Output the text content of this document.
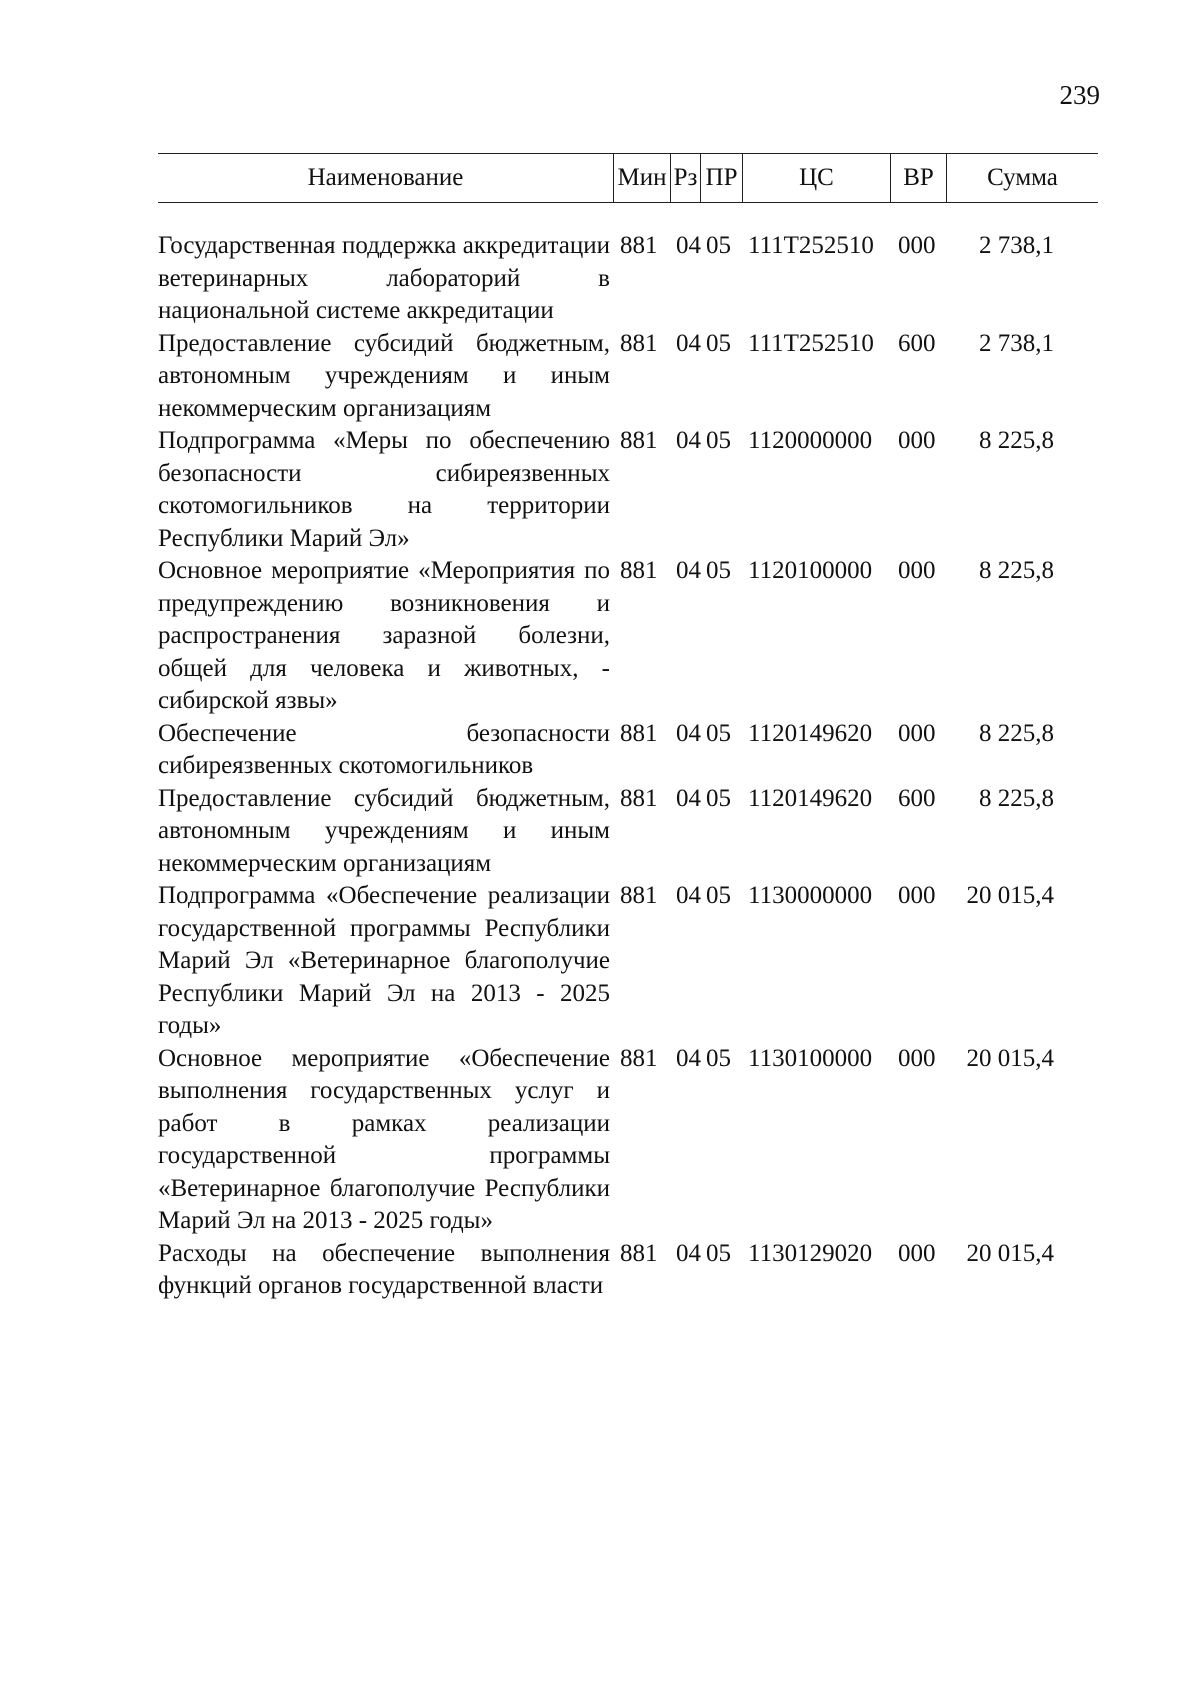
239
Наименование	Мин Рз ПР	ЦС	ВР	Сумма
Государственная поддержка аккредитации ветеринарных лабораторий в национальной системе аккредитации
881 04 05 111Т252510 000 2 738,1
Предоставление субсидий бюджетным, автономным учреждениям и иным некоммерческим организациям
881 04 05 111Т252510 600 2 738,1
Подпрограмма «Меры по обеспечению безопасности сибиреязвенных скотомогильников на территории Республики Марий Эл»
881 04 05 1120000000 000 8 225,8
Основное мероприятие «Мероприятия по предупреждению возникновения и распространения заразной болезни, общей для человека и животных, - сибирской язвы»
881 04 05 1120100000 000 8 225,8
Обеспечение безопасности сибиреязвенных скотомогильников
881 04 05 1120149620 000 8 225,8
Предоставление субсидий бюджетным, автономным учреждениям и иным некоммерческим организациям
881 04 05 1120149620 600 8 225,8
Подпрограмма «Обеспечение реализации государственной программы Республики Марий Эл «Ветеринарное благополучие Республики Марий Эл на 2013 - 2025 годы»
881 04 05 1130000000 000 20 015,4
Основное мероприятие «Обеспечение выполнения государственных услуг и работ в рамках реализации государственной программы «Ветеринарное благополучие Республики Марий Эл на 2013 - 2025 годы»
881 04 05 1130100000 000 20 015,4
Расходы на обеспечение выполнения функций органов государственной власти
881 04 05 1130129020 000 20 015,4
